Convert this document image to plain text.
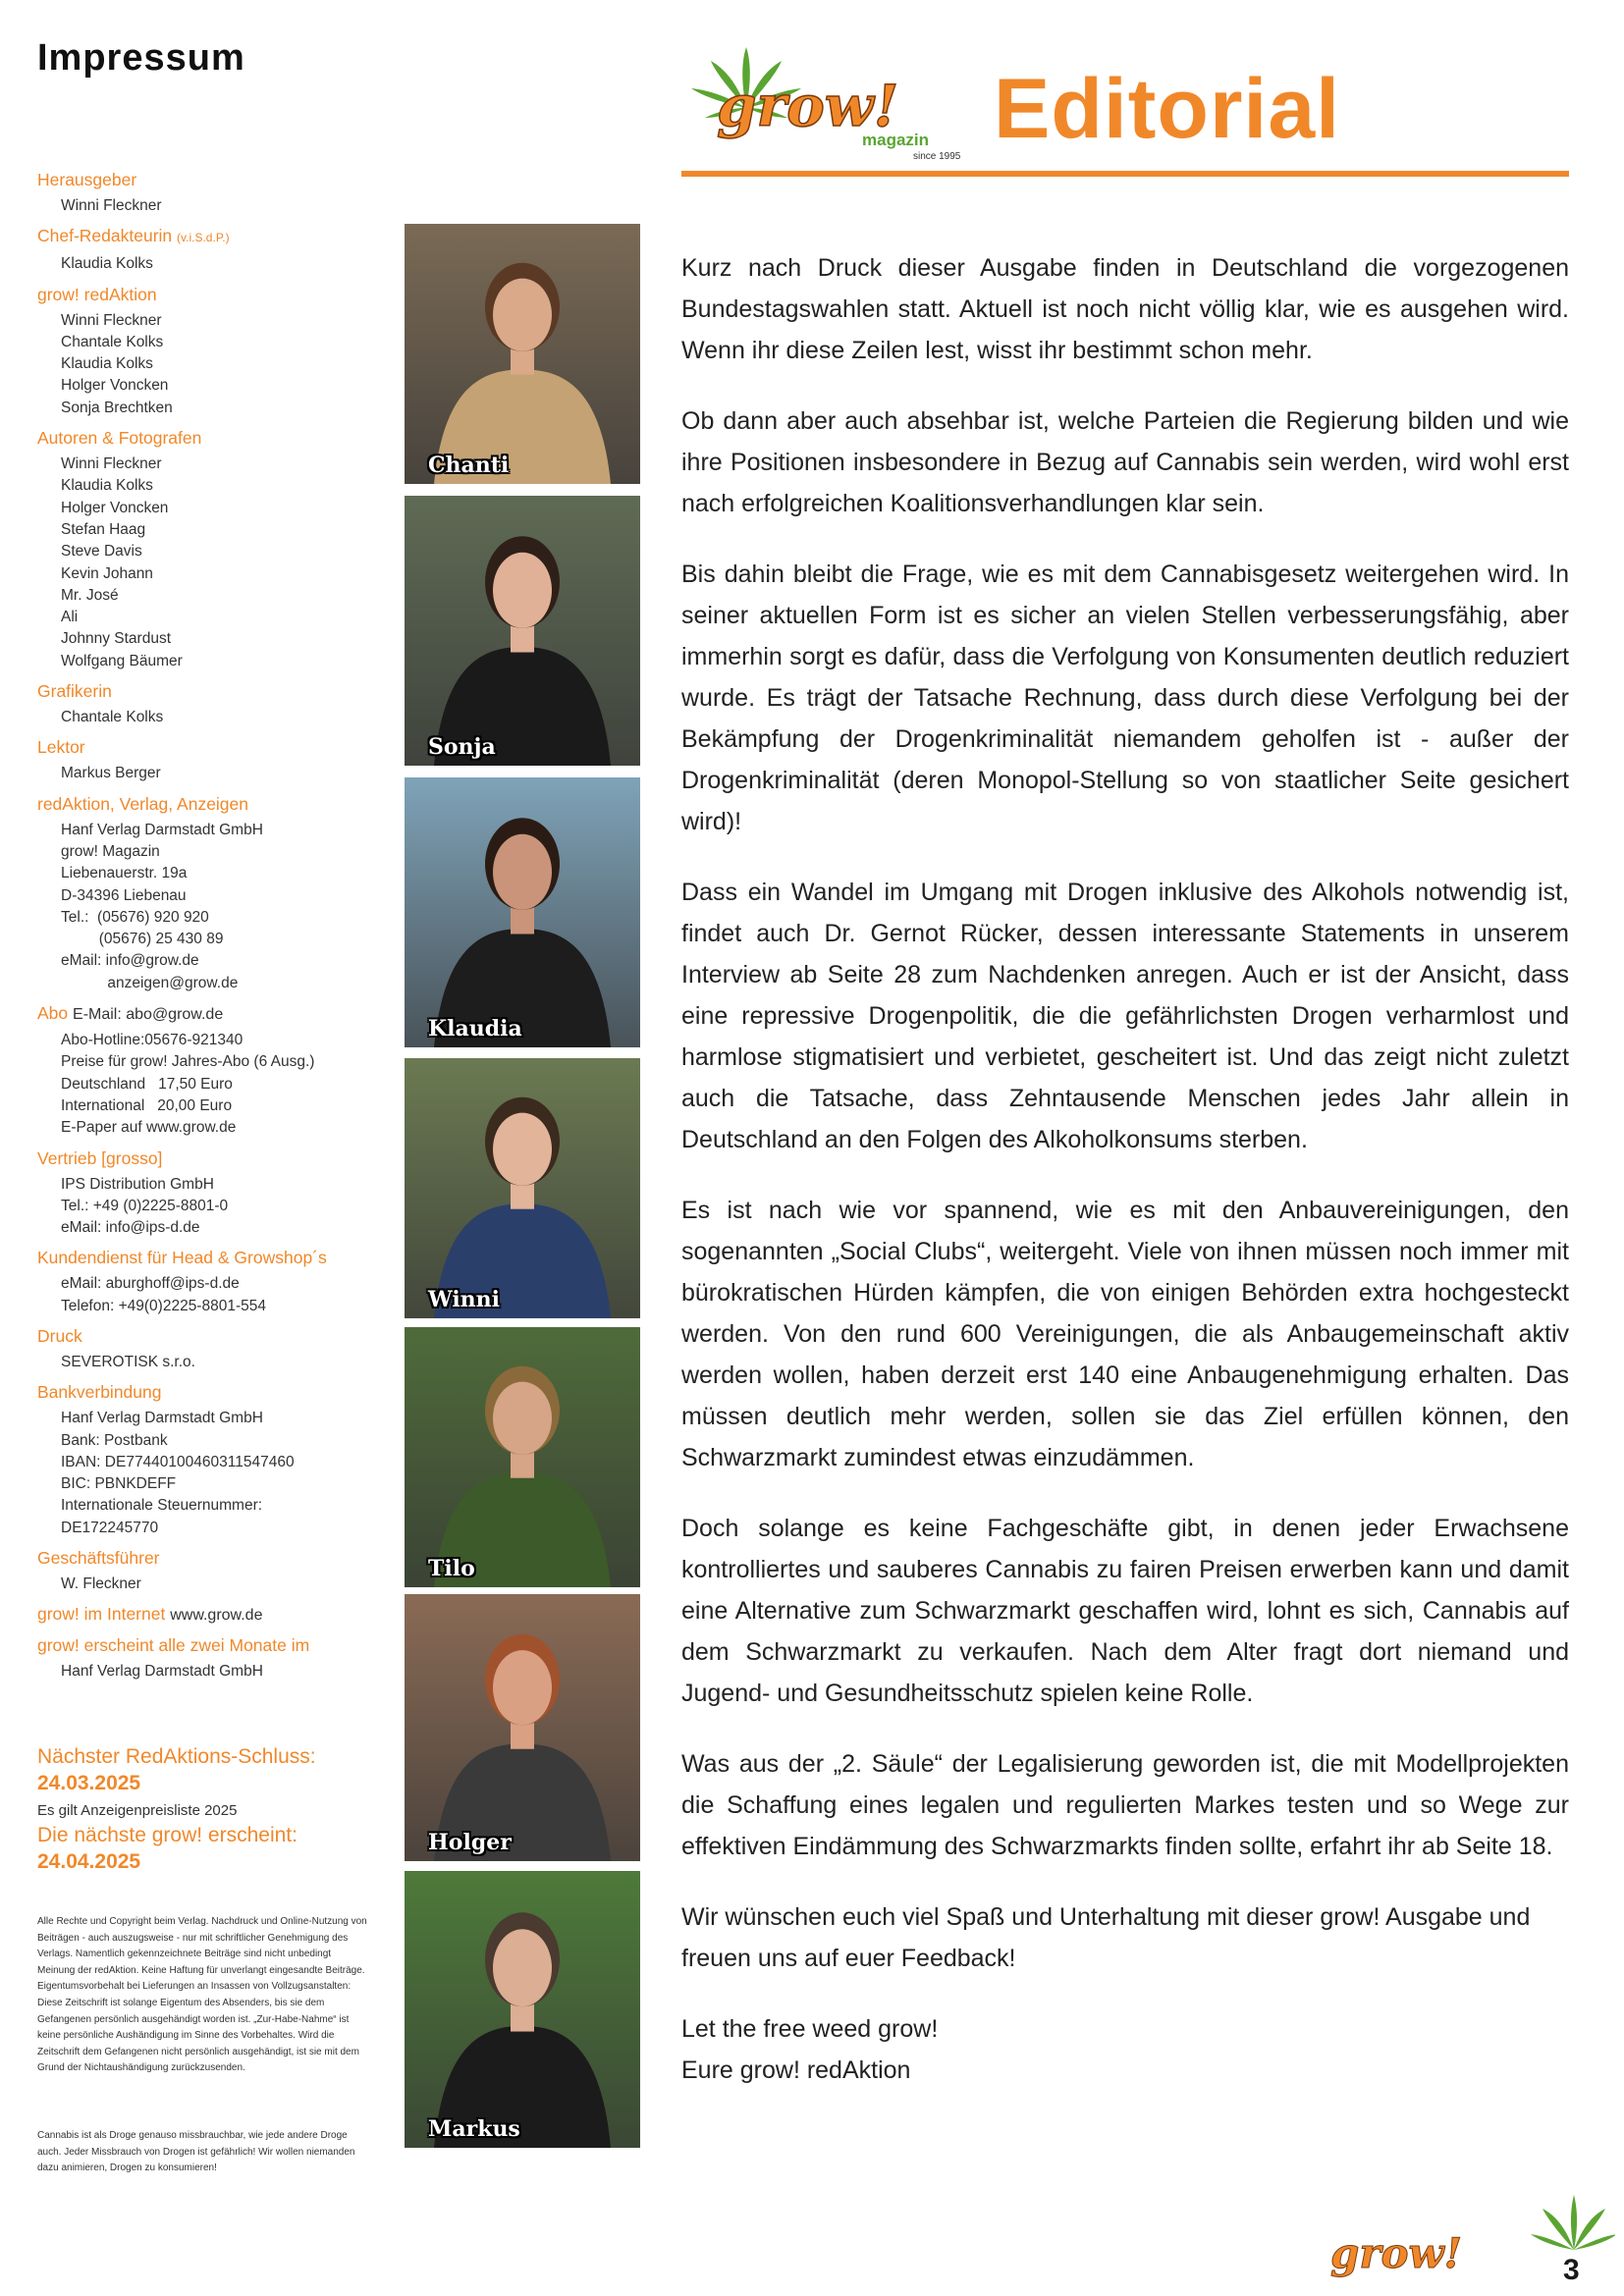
Impressum
Herausgeber
Winni Fleckner
Chef-Redakteurin (v.i.S.d.P.)
Klaudia Kolks
grow! redAktion
Winni Fleckner
Chantale Kolks
Klaudia Kolks
Holger Voncken
Sonja Brechtken
Autoren & Fotografen
Winni Fleckner
Klaudia Kolks
Holger Voncken
Stefan Haag
Steve Davis
Kevin Johann
Mr. José
Ali
Johnny Stardust
Wolfgang Bäumer
Grafikerin
Chantale Kolks
Lektor
Markus Berger
redAktion, Verlag, Anzeigen
Hanf Verlag Darmstadt GmbH
grow! Magazin
Liebenauerstr. 19a
D-34396 Liebenau
Tel.:  (05676) 920 920
(05676) 25 430 89
eMail: info@grow.de
anzeigen@grow.de
Abo E-Mail: abo@grow.de
Abo-Hotline:05676-921340
Preise für grow! Jahres-Abo (6 Ausg.)
Deutschland   17,50 Euro
International   20,00 Euro
E-Paper auf www.grow.de
Vertrieb [grosso]
IPS Distribution GmbH
Tel.: +49 (0)2225-8801-0
eMail: info@ips-d.de
Kundendienst für Head & Growshop´s
eMail: aburghoff@ips-d.de
Telefon: +49(0)2225-8801-554
Druck
SEVEROTISK s.r.o.
Bankverbindung
Hanf Verlag Darmstadt GmbH
Bank: Postbank
IBAN: DE77440100460311547460
BIC: PBNKDEFF
Internationale Steuernummer:
DE172245770
Geschäftsführer
W. Fleckner
grow! im Internet www.grow.de
grow! erscheint alle zwei Monate im
Hanf Verlag Darmstadt GmbH
Nächster RedAktions-Schluss:
24.03.2025
Es gilt Anzeigenpreisliste 2025
Die nächste grow! erscheint:
24.04.2025
Alle Rechte und Copyright beim Verlag. Nachdruck und Online-Nutzung von Beiträgen - auch auszugsweise - nur mit schriftlicher Genehmigung des Verlags. Namentlich gekennzeichnete Beiträge sind nicht unbedingt Meinung der redAktion. Keine Haftung für unverlangt eingesandte Beiträge. Eigentumsvorbehalt bei Lieferungen an Insassen von Vollzugsanstalten: Diese Zeitschrift ist solange Eigentum des Absenders, bis sie dem Gefangenen persönlich ausgehändigt worden ist. „Zur-Habe-Nahme“ ist keine persönliche Aushändigung im Sinne des Vorbehaltes. Wird die Zeitschrift dem Gefangenen nicht persönlich ausgehändigt, ist sie mit dem Grund der Nichtaushändigung zurückzusenden.
Cannabis ist als Droge genauso missbrauchbar, wie jede andere Droge auch. Jeder Missbrauch von Drogen ist gefährlich! Wir wollen niemanden dazu animieren, Drogen zu konsumieren!
Chanti
Sonja
Klaudia
Winni
Tilo
Holger
Markus
grow!
magazin
since 1995
Editorial

Kurz nach Druck dieser Ausgabe finden in Deutschland die vorgezogenen Bundestagswahlen statt. Aktuell ist noch nicht völlig klar, wie es ausgehen wird. Wenn ihr diese Zeilen lest, wisst ihr bestimmt schon mehr.

Ob dann aber auch absehbar ist, welche Parteien die Regierung bilden und wie ihre Positionen insbesondere in Bezug auf Cannabis sein werden, wird wohl erst nach erfolgreichen Koalitionsverhandlungen klar sein.

Bis dahin bleibt die Frage, wie es mit dem Cannabisgesetz weitergehen wird. In seiner aktuellen Form ist es sicher an vielen Stellen verbesserungsfähig, aber immerhin sorgt es dafür, dass die Verfolgung von Konsumenten deutlich reduziert wurde. Es trägt der Tatsache Rechnung, dass durch diese Verfolgung bei der Bekämpfung der Drogenkriminalität niemandem geholfen ist - außer der Drogenkriminalität (deren Monopol-Stellung so von staatlicher Seite gesichert wird)!

Dass ein Wandel im Umgang mit Drogen inklusive des Alkohols notwendig ist, findet auch Dr. Gernot Rücker, dessen interessante Statements in unserem Interview ab Seite 28 zum Nachdenken anregen. Auch er ist der Ansicht, dass eine repressive Drogenpolitik, die die gefährlichsten Drogen verharmlost und harmlose stigmatisiert und verbietet, gescheitert ist. Und das zeigt nicht zuletzt auch die Tatsache, dass Zehntausende Menschen jedes Jahr allein in Deutschland an den Folgen des Alkoholkonsums sterben.

Es ist nach wie vor spannend, wie es mit den Anbauvereinigungen, den sogenannten „Social Clubs“, weitergeht. Viele von ihnen müssen noch immer mit bürokratischen Hürden kämpfen, die von einigen Behörden extra hochgesteckt werden. Von den rund 600 Vereinigungen, die als Anbaugemeinschaft aktiv werden wollen, haben derzeit erst 140 eine Anbaugenehmigung erhalten. Das müssen deutlich mehr werden, sollen sie das Ziel erfüllen können, den Schwarzmarkt zumindest etwas einzudämmen.

Doch solange es keine Fachgeschäfte gibt, in denen jeder Erwachsene kontrolliertes und sauberes Cannabis zu fairen Preisen erwerben kann und damit eine Alternative zum Schwarzmarkt geschaffen wird, lohnt es sich, Cannabis auf dem Schwarzmarkt zu verkaufen. Nach dem Alter fragt dort niemand und Jugend- und Gesundheitsschutz spielen keine Rolle.

Was aus der „2. Säule“ der Legalisierung geworden ist, die mit Modellprojekten die Schaffung eines legalen und regulierten Markes testen und so Wege zur effektiven Eindämmung des Schwarzmarkts finden sollte, erfahrt ihr ab Seite 18.

Wir wünschen euch viel Spaß und Unterhaltung mit dieser grow! Ausgabe und freuen uns auf euer Feedback!

Let the free weed grow!
Eure grow! redAktion

grow!	3
